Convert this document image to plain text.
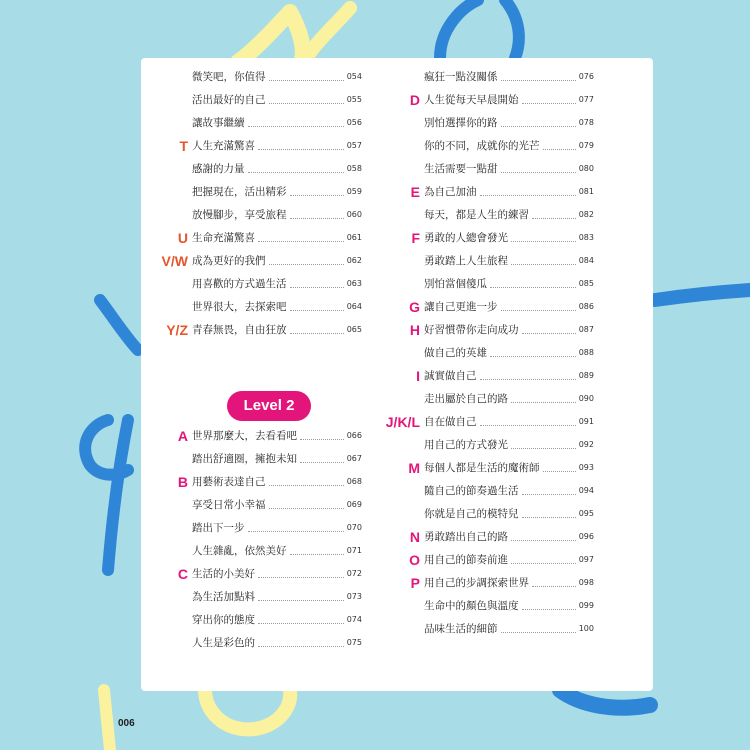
微笑吧，你值得	054
活出最好的自己	055
讓故事繼續	056
T 人生充滿驚喜	057
感謝的力量	058
把握現在，活出精彩	059
放慢腳步，享受旅程	060
U 生命充滿驚喜	061
V/W 成為更好的我們	062
用喜歡的方式過生活	063
世界很大，去探索吧	064
Y/Z 青春無畏，自由狂放	065
A 世界那麼大，去看看吧	066
踏出舒適圈，擁抱未知	067
B 用藝術表達自己	068
享受日常小幸福	069
踏出下一步	070
人生雜亂，依然美好	071
C 生活的小美好	072
為生活加點料	073
穿出你的態度	074
人生是彩色的	075
瘋狂一點沒關係	076
D 人生從每天早晨開始	077
別怕選擇你的路	078
你的不同，成就你的光芒	079
生活需要一點甜	080
E 為自己加油	081
每天，都是人生的練習	082
F 勇敢的人總會發光	083
勇敢踏上人生旅程	084
別怕當個傻瓜	085
G 讓自己更進一步	086
H 好習慣帶你走向成功	087
做自己的英雄	088
I 誠實做自己	089
走出屬於自己的路	090
J/K/L 自在做自己	091
用自己的方式發光	092
M 每個人都是生活的魔術師	093
隨自己的節奏過生活	094
你就是自己的模特兒	095
N 勇敢踏出自己的路	096
O 用自己的節奏前進	097
P 用自己的步調探索世界	098
生命中的顏色與溫度	099
品味生活的細節	100
Level 2
006
